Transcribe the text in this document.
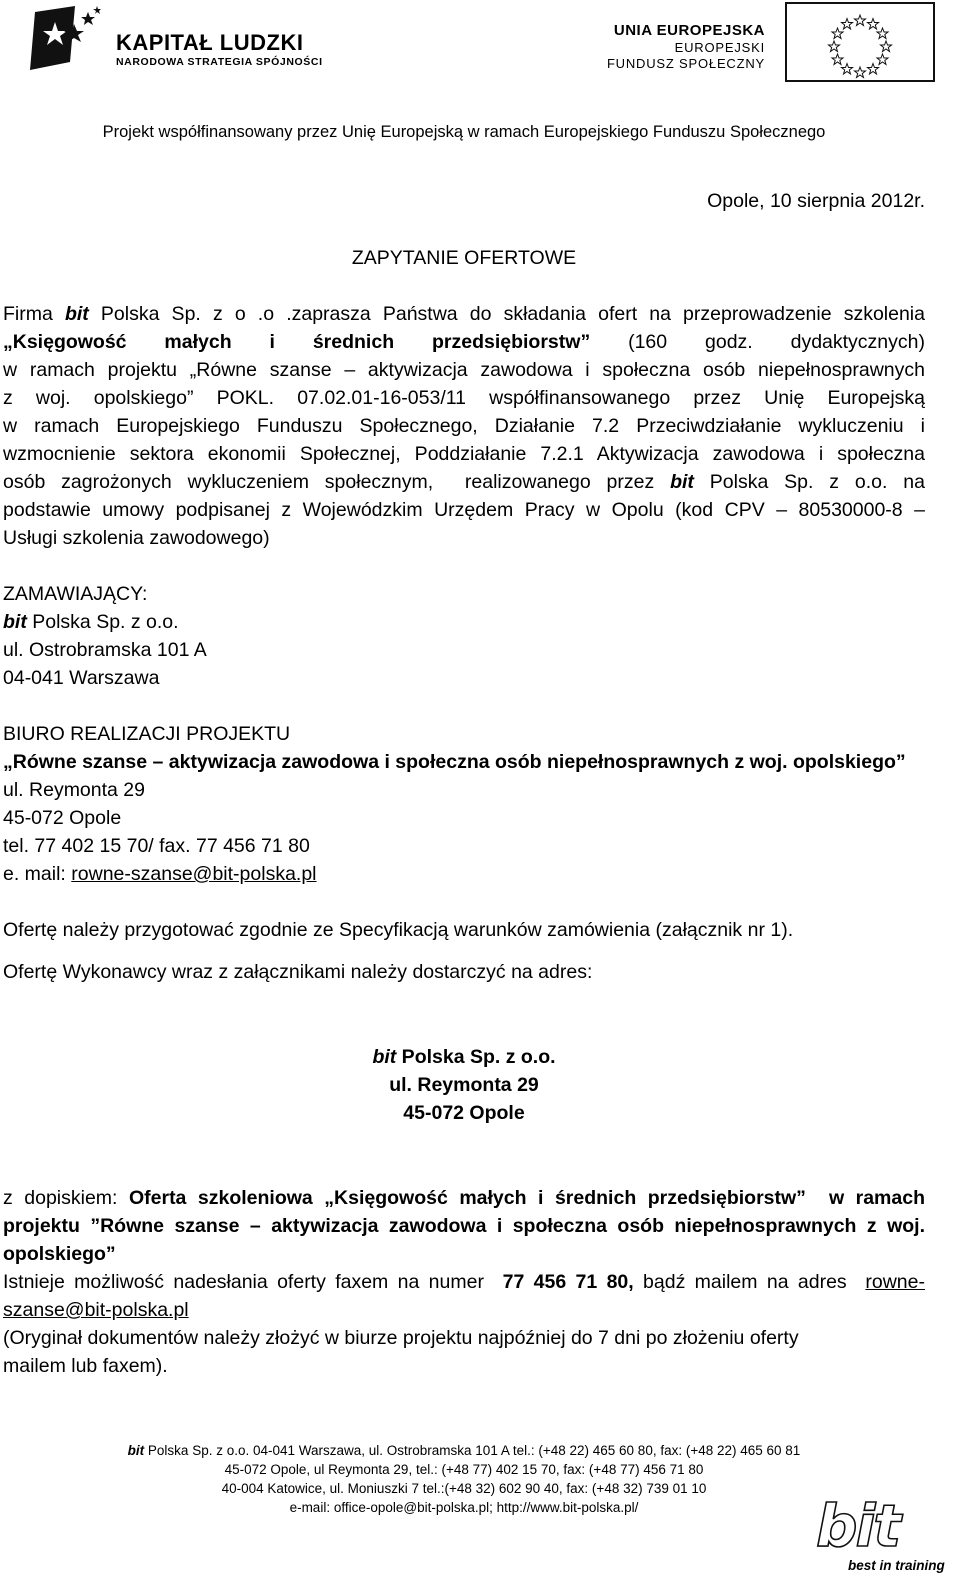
KAPITAŁ LUDZKI
NARODOWA STRATEGIA SPÓJNOŚCI
UNIA EUROPEJSKA
EUROPEJSKI
FUNDUSZ SPOŁECZNY
Projekt współfinansowany przez Unię Europejską w ramach Europejskiego Funduszu Społecznego
Opole, 10 sierpnia 2012r.
ZAPYTANIE OFERTOWE
Firma bit Polska Sp. z o .o .zaprasza Państwa do składania ofert na przeprowadzenie szkolenia
„Księgowość małych i średnich przedsiębiorstw” (160 godz. dydaktycznych)
w ramach projektu „Równe szanse – aktywizacja zawodowa i społeczna osób niepełnosprawnych
z woj. opolskiego” POKL. 07.02.01-16-053/11 współfinansowanego przez Unię Europejską
w ramach Europejskiego Funduszu Społecznego, Działanie 7.2 Przeciwdziałanie wykluczeniu i
wzmocnienie sektora ekonomii Społecznej, Poddziałanie 7.2.1 Aktywizacja zawodowa i społeczna
osób zagrożonych wykluczeniem społecznym,  realizowanego przez bit Polska Sp. z o.o. na
podstawie umowy podpisanej z Wojewódzkim Urzędem Pracy w Opolu (kod CPV – 80530000-8 –
Usługi szkolenia zawodowego)
ZAMAWIAJĄCY:
bit Polska Sp. z o.o.
ul. Ostrobramska 101 A
04-041 Warszawa
BIURO REALIZACJI PROJEKTU
„Równe szanse – aktywizacja zawodowa i społeczna osób niepełnosprawnych z woj. opolskiego”
ul. Reymonta 29
45-072 Opole
tel. 77 402 15 70/ fax. 77 456 71 80
e. mail: rowne-szanse@bit-polska.pl
Ofertę należy przygotować zgodnie ze Specyfikacją warunków zamówienia (załącznik nr 1).
Ofertę Wykonawcy wraz z załącznikami należy dostarczyć na adres:
bit Polska Sp. z o.o.
ul. Reymonta 29
45-072 Opole
z dopiskiem: Oferta szkoleniowa „Księgowość małych i średnich przedsiębiorstw”  w ramach
projektu ”Równe szanse – aktywizacja zawodowa i społeczna osób niepełnosprawnych z woj.
opolskiego”
Istnieje możliwość nadesłania oferty faxem na numer  77 456 71 80, bądź mailem na adres  rowne-
szanse@bit-polska.pl
(Oryginał dokumentów należy złożyć w biurze projektu najpóźniej do 7 dni po złożeniu oferty
mailem lub faxem).
bit Polska Sp. z o.o. 04-041 Warszawa, ul. Ostrobramska 101 A tel.: (+48 22) 465 60 80, fax: (+48 22) 465 60 81
45-072 Opole, ul Reymonta 29, tel.: (+48 77) 402 15 70, fax: (+48 77) 456 71 80
40-004 Katowice, ul. Moniuszki 7 tel.:(+48 32) 602 90 40, fax: (+48 32) 739 01 10
e-mail: office-opole@bit-polska.pl; http://www.bit-polska.pl/	bit
best in training
